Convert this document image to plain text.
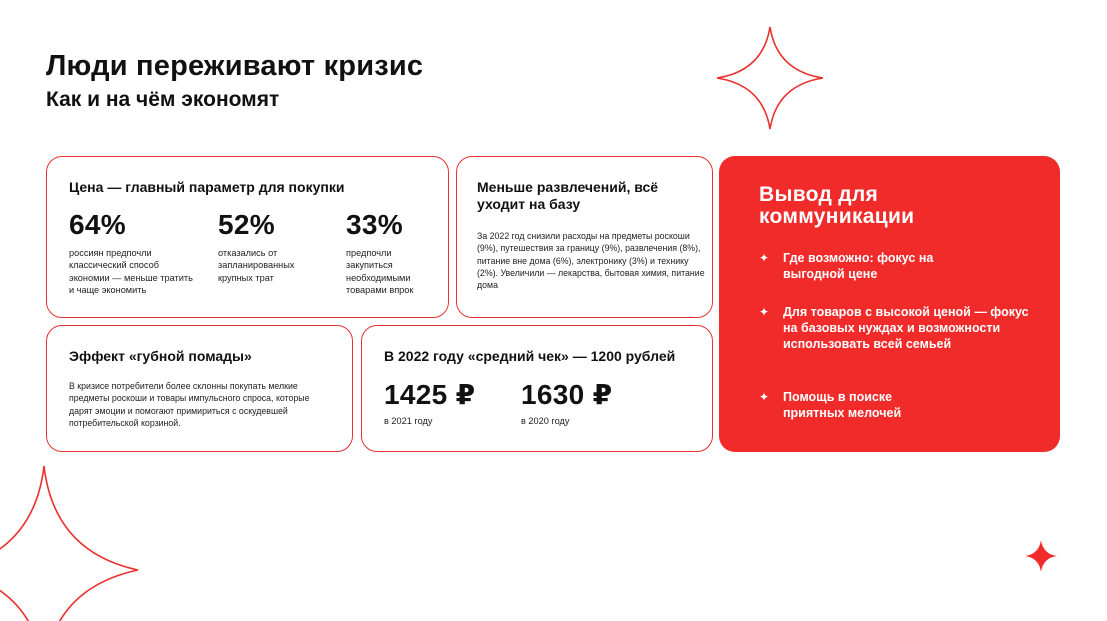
Люди переживают кризис
Как и на чём экономят
Цена — главный параметр для покупки
64%
россиян предпочли классический способ экономии — меньше тратить и чаще экономить
52%
отказались от запланированных крупных трат
33%
предпочли закупиться необходимыми товарами впрок
Меньше развлечений, всё уходит на базу
За 2022 год снизили расходы на предметы роскоши (9%), путешествия за границу (9%), развлечения (8%), питание вне дома (6%), электронику (3%) и технику (2%). Увеличили — лекарства, бытовая химия, питание дома
Эффект «губной помады»
В кризисе потребители более склонны покупать мелкие предметы роскоши и товары импульсного спроса, которые дарят эмоции и помогают примириться с оскудевшей потребительской корзиной.
В 2022 году «средний чек» — 1200 рублей
1425 ₽
в 2021 году
1630 ₽
в 2020 году
Вывод для коммуникации
✦ Где возможно: фокус на выгодной цене
✦ Для товаров с высокой ценой — фокус на базовых нуждах и возможности использовать всей семьей
✦ Помощь в поиске приятных мелочей
